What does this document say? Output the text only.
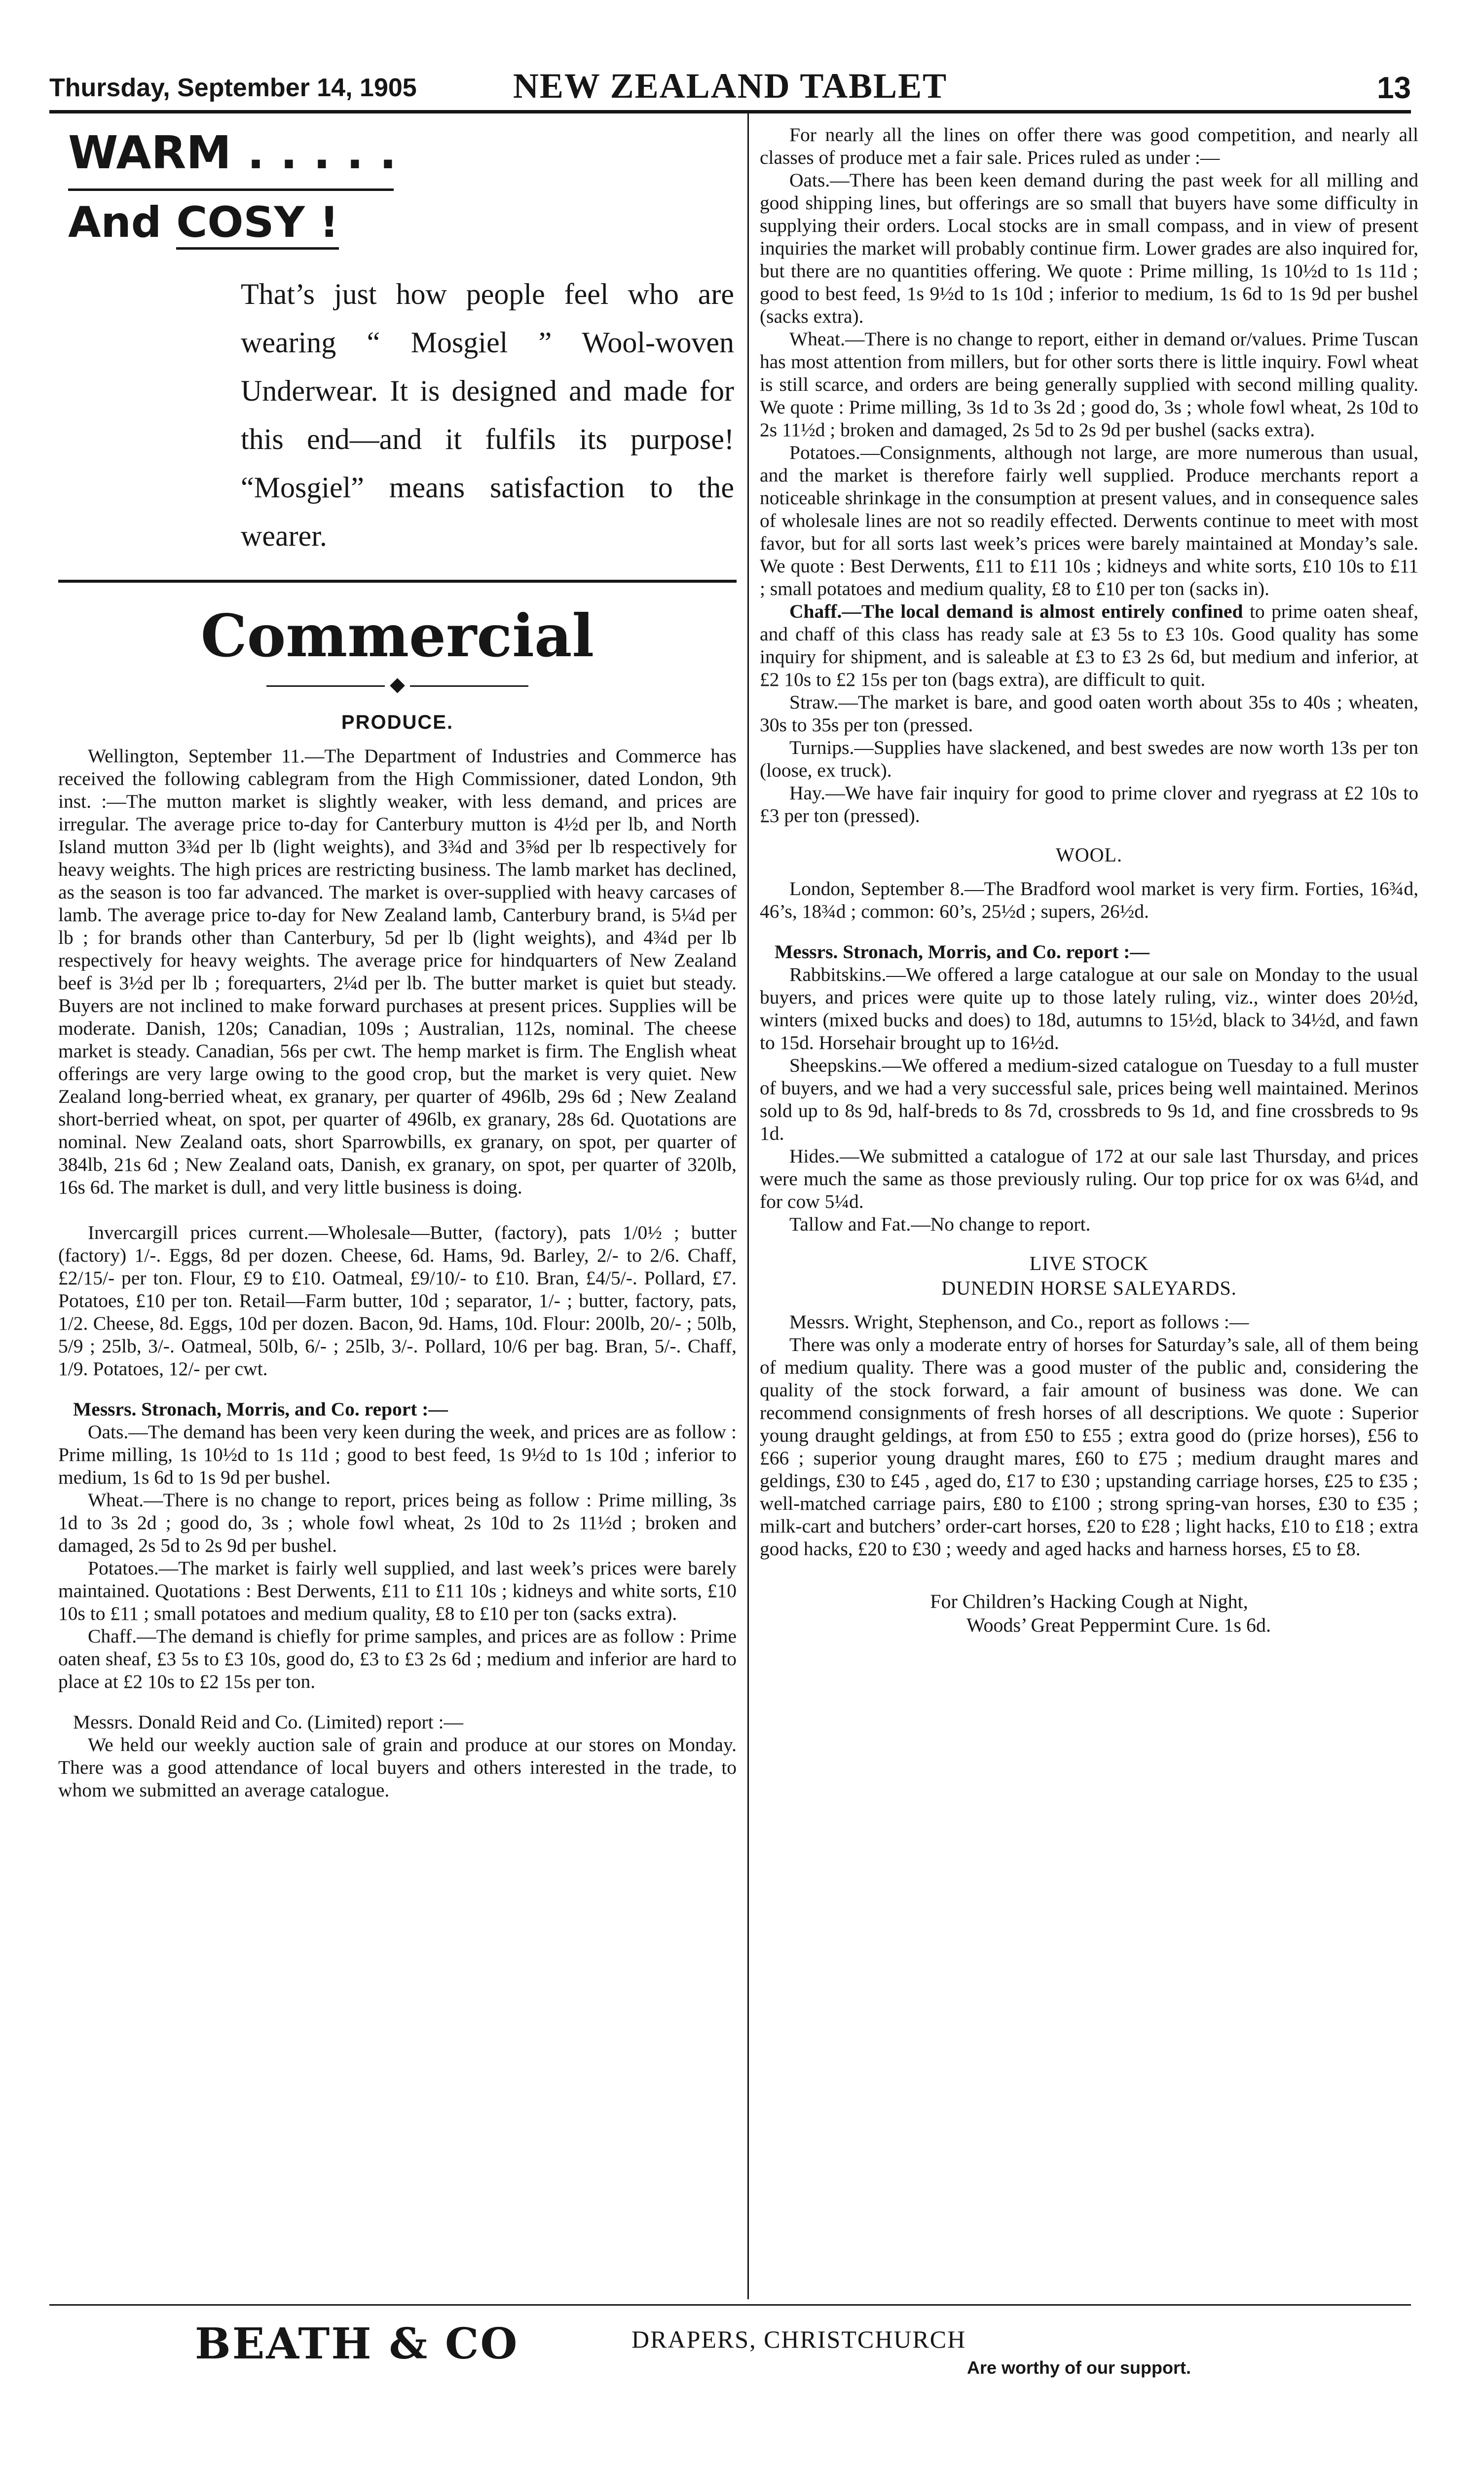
Thursday, September 14, 1905	NEW ZEALAND TABLET	13
WARM . . . . .
And COSY !
That’s just how people feel who are wearing “ Mosgiel ” Wool-woven Underwear. It is designed and made for this end—and it fulfils its purpose! “Mosgiel” means satisfaction to the wearer.
Commercial
◆
PRODUCE.

Wellington, September 11.—The Department of Industries and Commerce has received the following cablegram from the High Commissioner, dated London, 9th inst. :—The mutton market is slightly weaker, with less demand, and prices are irregular. The average price to-day for Canterbury mutton is 4½d per lb, and North Island mutton 3¾d per lb (light weights), and 3¾d and 3⅝d per lb respectively for heavy weights. The high prices are restricting business. The lamb market has declined, as the season is too far advanced. The market is over-supplied with heavy carcases of lamb. The average price to-day for New Zealand lamb, Canterbury brand, is 5¼d per lb ; for brands other than Canterbury, 5d per lb (light weights), and 4¾d per lb respectively for heavy weights. The average price for hindquarters of New Zealand beef is 3½d per lb ; forequarters, 2¼d per lb. The butter market is quiet but steady. Buyers are not inclined to make forward purchases at present prices. Supplies will be moderate. Danish, 120s; Canadian, 109s ; Australian, 112s, nominal. The cheese market is steady. Canadian, 56s per cwt. The hemp market is firm. The English wheat offerings are very large owing to the good crop, but the market is very quiet. New Zealand long-berried wheat, ex granary, per quarter of 496lb, 29s 6d ; New Zealand short-berried wheat, on spot, per quarter of 496lb, ex granary, 28s 6d. Quotations are nominal. New Zealand oats, short Sparrowbills, ex granary, on spot, per quarter of 384lb, 21s 6d ; New Zealand oats, Danish, ex granary, on spot, per quarter of 320lb, 16s 6d. The market is dull, and very little business is doing.

Invercargill prices current.—Wholesale—Butter, (factory), pats 1/0½ ; butter (factory) 1/-. Eggs, 8d per dozen. Cheese, 6d. Hams, 9d. Barley, 2/- to 2/6. Chaff, £2/15/- per ton. Flour, £9 to £10. Oatmeal, £9/10/- to £10. Bran, £4/5/-. Pollard, £7. Potatoes, £10 per ton. Retail—Farm butter, 10d ; separator, 1/- ; butter, factory, pats, 1/2. Cheese, 8d. Eggs, 10d per dozen. Bacon, 9d. Hams, 10d. Flour: 200lb, 20/- ; 50lb, 5/9 ; 25lb, 3/-. Oatmeal, 50lb, 6/- ; 25lb, 3/-. Pollard, 10/6 per bag. Bran, 5/-. Chaff, 1/9. Potatoes, 12/- per cwt.

Messrs. Stronach, Morris, and Co. report :—

Oats.—The demand has been very keen during the week, and prices are as follow : Prime milling, 1s 10½d to 1s 11d ; good to best feed, 1s 9½d to 1s 10d ; inferior to medium, 1s 6d to 1s 9d per bushel.

Wheat.—There is no change to report, prices being as follow : Prime milling, 3s 1d to 3s 2d ; good do, 3s ; whole fowl wheat, 2s 10d to 2s 11½d ; broken and damaged, 2s 5d to 2s 9d per bushel.

Potatoes.—The market is fairly well supplied, and last week’s prices were barely maintained. Quotations : Best Derwents, £11 to £11 10s ; kidneys and white sorts, £10 10s to £11 ; small potatoes and medium quality, £8 to £10 per ton (sacks extra).

Chaff.—The demand is chiefly for prime samples, and prices are as follow : Prime oaten sheaf, £3 5s to £3 10s, good do, £3 to £3 2s 6d ; medium and inferior are hard to place at £2 10s to £2 15s per ton.

Messrs. Donald Reid and Co. (Limited) report :—

We held our weekly auction sale of grain and produce at our stores on Monday. There was a good attendance of local buyers and others interested in the trade, to whom we submitted an average catalogue.

For nearly all the lines on offer there was good competition, and nearly all classes of produce met a fair sale. Prices ruled as under :—

Oats.—There has been keen demand during the past week for all milling and good shipping lines, but offerings are so small that buyers have some difficulty in supplying their orders. Local stocks are in small compass, and in view of present inquiries the market will probably continue firm. Lower grades are also inquired for, but there are no quantities offering. We quote : Prime milling, 1s 10½d to 1s 11d ; good to best feed, 1s 9½d to 1s 10d ; inferior to medium, 1s 6d to 1s 9d per bushel (sacks extra).

Wheat.—There is no change to report, either in demand or/values. Prime Tuscan has most attention from millers, but for other sorts there is little inquiry. Fowl wheat is still scarce, and orders are being generally supplied with second milling quality. We quote : Prime milling, 3s 1d to 3s 2d ; good do, 3s ; whole fowl wheat, 2s 10d to 2s 11½d ; broken and damaged, 2s 5d to 2s 9d per bushel (sacks extra).

Potatoes.—Consignments, although not large, are more numerous than usual, and the market is therefore fairly well supplied. Produce merchants report a noticeable shrinkage in the consumption at present values, and in consequence sales of wholesale lines are not so readily effected. Derwents continue to meet with most favor, but for all sorts last week’s prices were barely maintained at Monday’s sale. We quote : Best Derwents, £11 to £11 10s ; kidneys and white sorts, £10 10s to £11 ; small potatoes and medium quality, £8 to £10 per ton (sacks in).

Chaff.—The local demand is almost entirely confined to prime oaten sheaf, and chaff of this class has ready sale at £3 5s to £3 10s. Good quality has some inquiry for shipment, and is saleable at £3 to £3 2s 6d, but medium and inferior, at £2 10s to £2 15s per ton (bags extra), are difficult to quit.

Straw.—The market is bare, and good oaten worth about 35s to 40s ; wheaten, 30s to 35s per ton (pressed.

Turnips.—Supplies have slackened, and best swedes are now worth 13s per ton (loose, ex truck).

Hay.—We have fair inquiry for good to prime clover and ryegrass at £2 10s to £3 per ton (pressed).

WOOL.

London, September 8.—The Bradford wool market is very firm. Forties, 16¾d, 46’s, 18¾d ; common: 60’s, 25½d ; supers, 26½d.

Messrs. Stronach, Morris, and Co. report :—

Rabbitskins.—We offered a large catalogue at our sale on Monday to the usual buyers, and prices were quite up to those lately ruling, viz., winter does 20½d, winters (mixed bucks and does) to 18d, autumns to 15½d, black to 34½d, and fawn to 15d. Horsehair brought up to 16½d.

Sheepskins.—We offered a medium-sized catalogue on Tuesday to a full muster of buyers, and we had a very successful sale, prices being well maintained. Merinos sold up to 8s 9d, half-breds to 8s 7d, crossbreds to 9s 1d, and fine crossbreds to 9s 1d.

Hides.—We submitted a catalogue of 172 at our sale last Thursday, and prices were much the same as those previously ruling. Our top price for ox was 6¼d, and for cow 5¼d.

Tallow and Fat.—No change to report.

LIVE STOCK
DUNEDIN HORSE SALEYARDS.

Messrs. Wright, Stephenson, and Co., report as follows :—

There was only a moderate entry of horses for Saturday’s sale, all of them being of medium quality. There was a good muster of the public and, considering the quality of the stock forward, a fair amount of business was done. We can recommend consignments of fresh horses of all descriptions. We quote : Superior young draught geldings, at from £50 to £55 ; extra good do (prize horses), £56 to £66 ; superior young draught mares, £60 to £75 ; medium draught mares and geldings, £30 to £45 , aged do, £17 to £30 ; upstanding carriage horses, £25 to £35 ; well-matched carriage pairs, £80 to £100 ; strong spring-van horses, £30 to £35 ; milk-cart and butchers’ order-cart horses, £20 to £28 ; light hacks, £10 to £18 ; extra good hacks, £20 to £30 ; weedy and aged hacks and harness horses, £5 to £8.

For Children’s Hacking Cough at Night,
Woods’ Great Peppermint Cure. 1s 6d.
BEATH & CO	DRAPERS, CHRISTCHURCH
Are worthy of our support.
